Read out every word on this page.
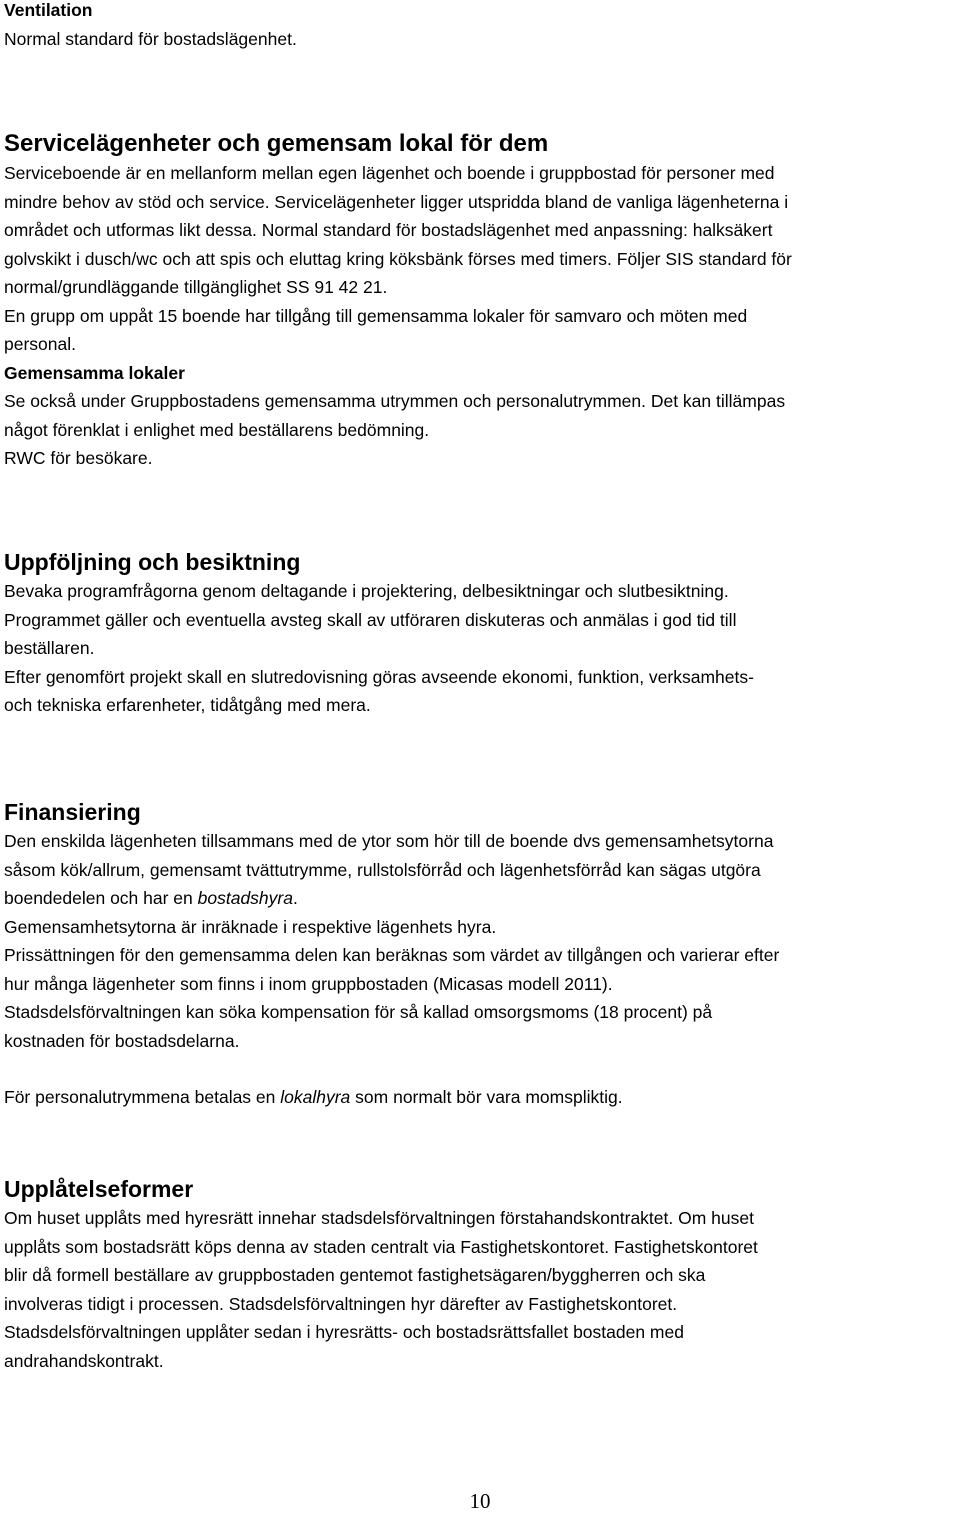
Ventilation
Normal standard för bostadslägenhet.
Servicelägenheter och gemensam lokal för dem
Serviceboende är en mellanform mellan egen lägenhet och boende i gruppbostad för personer med
mindre behov av stöd och service. Servicelägenheter ligger utspridda bland de vanliga lägenheterna i
området och utformas likt dessa. Normal standard för bostadslägenhet med anpassning: halksäkert
golvskikt i dusch/wc och att spis och eluttag kring köksbänk förses med timers. Följer SIS standard för
normal/grundläggande tillgänglighet SS 91 42 21.
En grupp om uppåt 15 boende har tillgång till gemensamma lokaler för samvaro och möten med
personal.
Gemensamma lokaler
Se också under Gruppbostadens gemensamma utrymmen och personalutrymmen. Det kan tillämpas
något förenklat i enlighet med beställarens bedömning.
RWC för besökare.
Uppföljning och besiktning
Bevaka programfrågorna genom deltagande i projektering, delbesiktningar och slutbesiktning.
Programmet gäller och eventuella avsteg skall av utföraren diskuteras och anmälas i god tid till
beställaren.
Efter genomfört projekt skall en slutredovisning göras avseende ekonomi, funktion, verksamhets-
och tekniska erfarenheter, tidåtgång med mera.
Finansiering
Den enskilda lägenheten tillsammans med de ytor som hör till de boende dvs gemensamhetsytorna
såsom kök/allrum, gemensamt tvättutrymme, rullstolsförråd och lägenhetsförråd kan sägas utgöra
boendedelen och har en bostadshyra.
Gemensamhetsytorna är inräknade i respektive lägenhets hyra.
Prissättningen för den gemensamma delen kan beräknas som värdet av tillgången och varierar efter
hur många lägenheter som finns i inom gruppbostaden (Micasas modell 2011).
Stadsdelsförvaltningen kan söka kompensation för så kallad omsorgsmoms (18 procent) på
kostnaden för bostadsdelarna.
För personalutrymmena betalas en lokalhyra som normalt bör vara momspliktig.
Upplåtelseformer
Om huset upplåts med hyresrätt innehar stadsdelsförvaltningen förstahandskontraktet. Om huset
upplåts som bostadsrätt köps denna av staden centralt via Fastighetskontoret. Fastighetskontoret
blir då formell beställare av gruppbostaden gentemot fastighetsägaren/byggherren och ska
involveras tidigt i processen. Stadsdelsförvaltningen hyr därefter av Fastighetskontoret.
Stadsdelsförvaltningen upplåter sedan i hyresrätts- och bostadsrättsfallet bostaden med
andrahandskontrakt.
10
